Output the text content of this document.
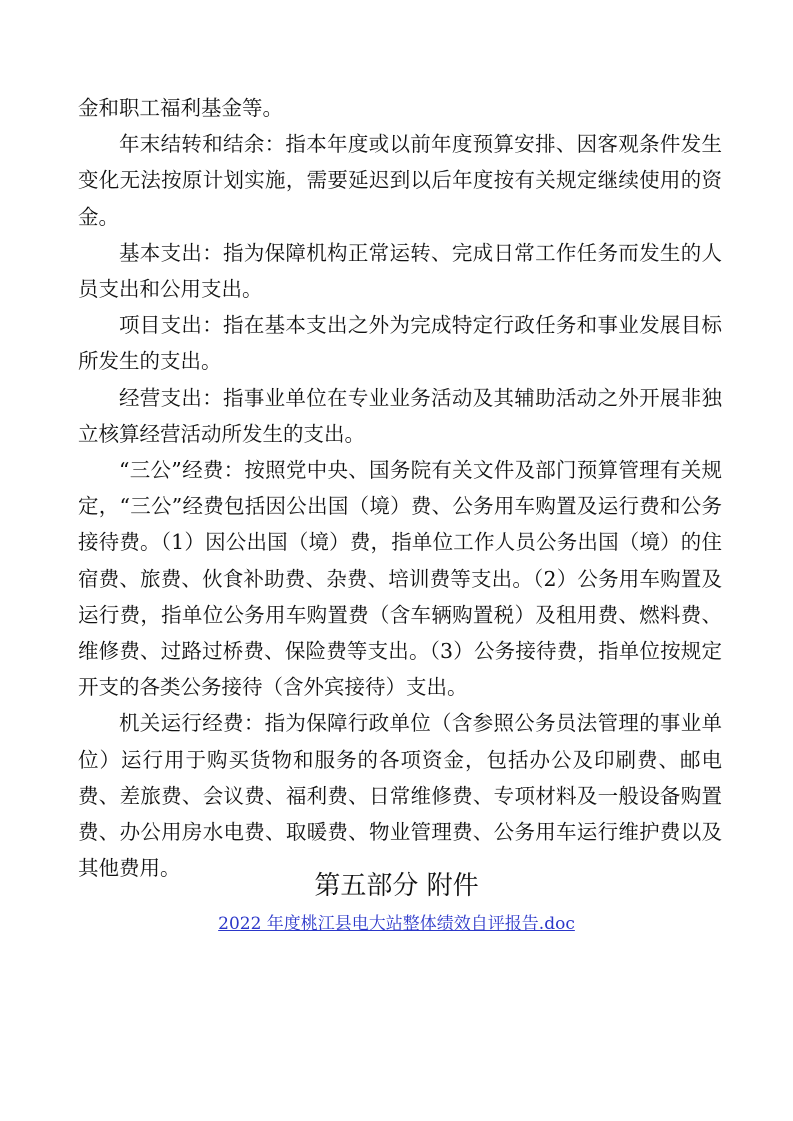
金和职工福利基金等。

年末结转和结余：指本年度或以前年度预算安排、因客观条件发生变化无法按原计划实施，需要延迟到以后年度按有关规定继续使用的资金。

基本支出：指为保障机构正常运转、完成日常工作任务而发生的人员支出和公用支出。

项目支出：指在基本支出之外为完成特定行政任务和事业发展目标所发生的支出。

经营支出：指事业单位在专业业务活动及其辅助活动之外开展非独立核算经营活动所发生的支出。

“三公”经费：按照党中央、国务院有关文件及部门预算管理有关规定，“三公”经费包括因公出国（境）费、公务用车购置及运行费和公务接待费。（1）因公出国（境）费，指单位工作人员公务出国（境）的住宿费、旅费、伙食补助费、杂费、培训费等支出。（2）公务用车购置及运行费，指单位公务用车购置费（含车辆购置税）及租用费、燃料费、维修费、过路过桥费、保险费等支出。（3）公务接待费，指单位按规定开支的各类公务接待（含外宾接待）支出。

机关运行经费：指为保障行政单位（含参照公务员法管理的事业单位）运行用于购买货物和服务的各项资金，包括办公及印刷费、邮电费、差旅费、会议费、福利费、日常维修费、专项材料及一般设备购置费、办公用房水电费、取暖费、物业管理费、公务用车运行维护费以及其他费用。

第五部分 附件
2022 年度桃江县电大站整体绩效自评报告.doc
